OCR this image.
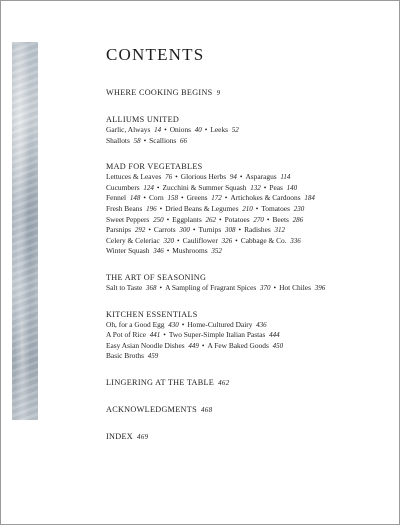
CONTENTS
WHERE COOKING BEGINS 9
ALLIUMS UNITED
Garlic, Always 14 • Onions 40 • Leeks 52
Shallots 58 • Scallions 66
MAD FOR VEGETABLES
Lettuces & Leaves 76 • Glorious Herbs 94 • Asparagus 114
Cucumbers 124 • Zucchini & Summer Squash 132 • Peas 140
Fennel 148 • Corn 158 • Greens 172 • Artichokes & Cardoons 184
Fresh Beans 196 • Dried Beans & Legumes 210 • Tomatoes 230
Sweet Peppers 250 • Eggplants 262 • Potatoes 270 • Beets 286
Parsnips 292 • Carrots 300 • Turnips 308 • Radishes 312
Celery & Celeriac 320 • Cauliflower 326 • Cabbage & Co. 336
Winter Squash 346 • Mushrooms 352
THE ART OF SEASONING
Salt to Taste 368 • A Sampling of Fragrant Spices 370 • Hot Chiles 396
KITCHEN ESSENTIALS
Oh, for a Good Egg 430 • Home-Cultured Dairy 436
A Pot of Rice 441 • Two Super-Simple Italian Pastas 444
Easy Asian Noodle Dishes 449 • A Few Baked Goods 450
Basic Broths 459
LINGERING AT THE TABLE 462
ACKNOWLEDGMENTS 468
INDEX 469
